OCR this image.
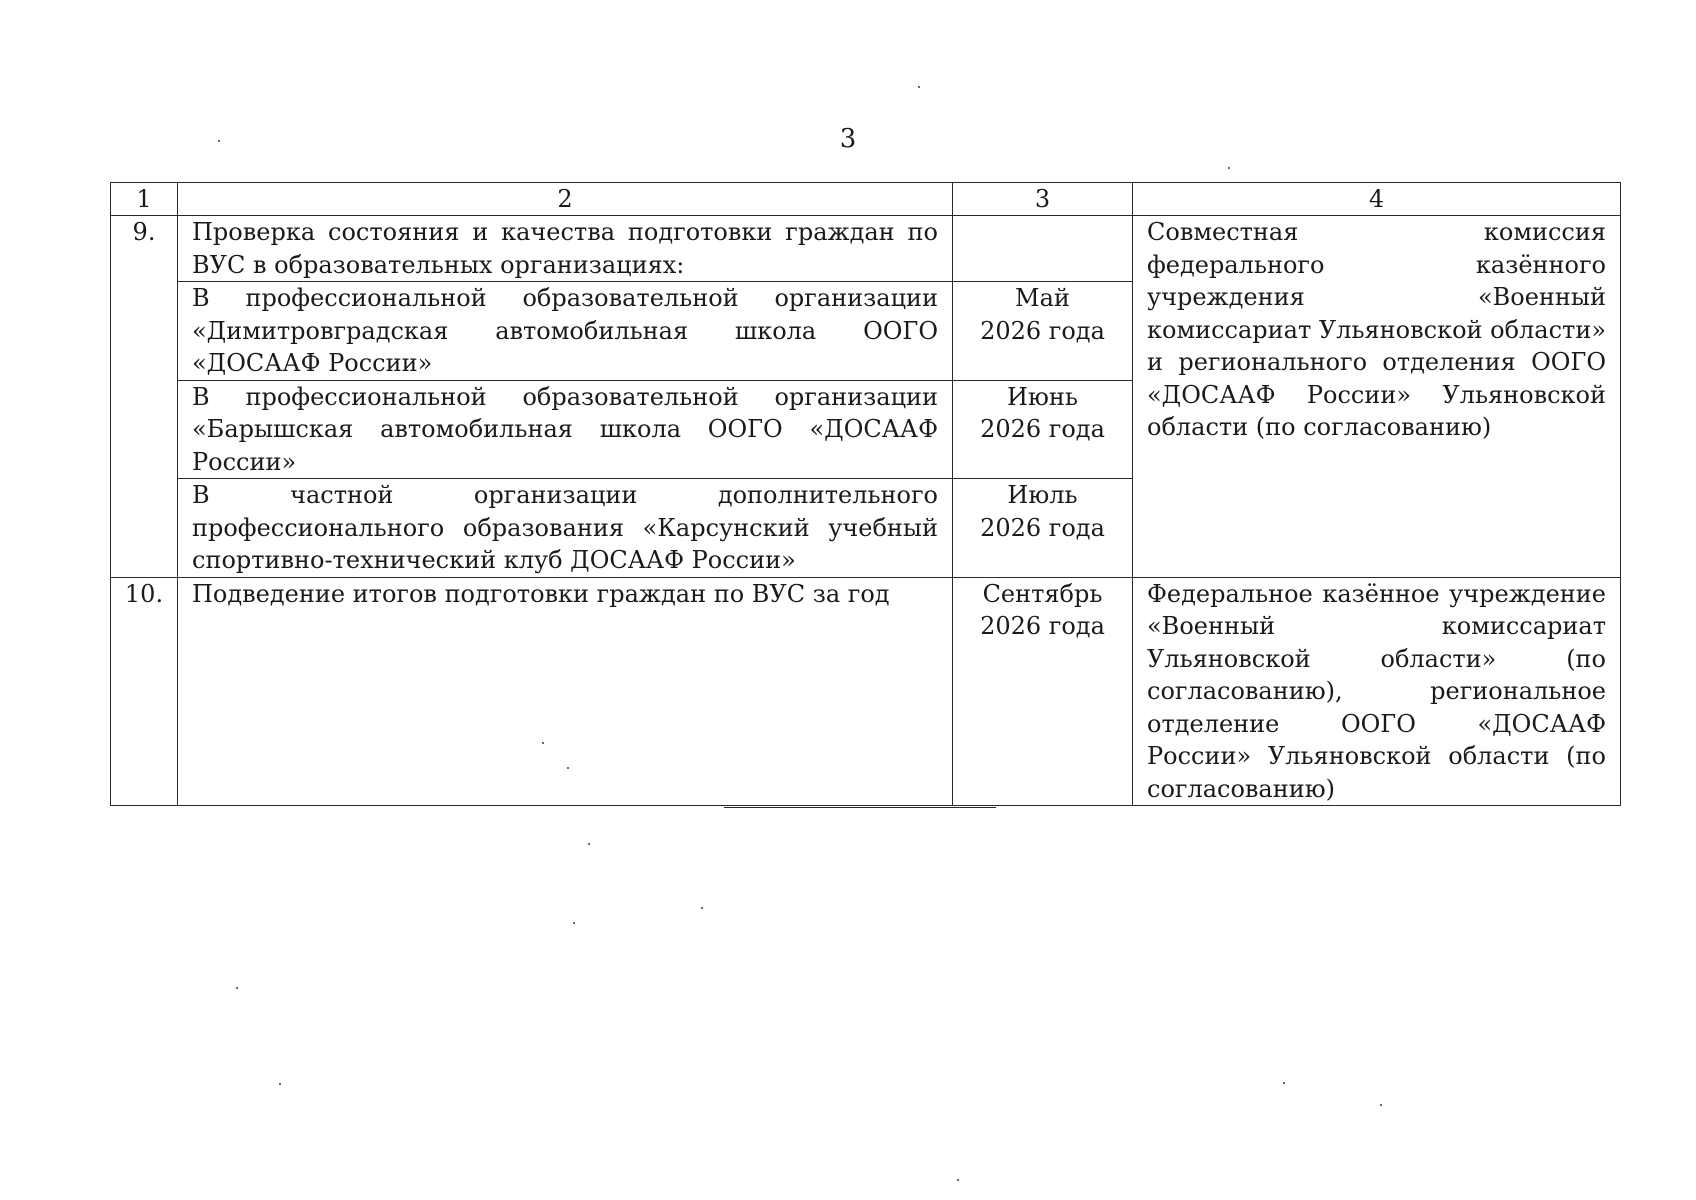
3
1	2	3	4
9.	Проверка состояния и качества подготовки граждан по ВУС в образовательных организациях:		Совместная комиссия федерального казённого учреждения «Военный комиссариат Ульяновской области» и регионального отделения ООГО «ДОСААФ России» Ульяновской области (по согласованию)
	В профессиональной образовательной организации «Димитровградская автомобильная школа ООГО «ДОСААФ России»	Май
2026 года	

	В профессиональной образовательной организации «Барышская автомобильная школа ООГО «ДОСААФ России»	Июнь
2026 года	

	В частной организации дополнительного профессионального образования «Карсунский учебный спортивно-технический клуб ДОСААФ России»	Июль
2026 года	

10.	Подведение итогов подготовки граждан по ВУС за год	Сентябрь
2026 года	Федеральное казённое учреждение «Военный комиссариат Ульяновской области» (по согласованию), региональное отделение ООГО «ДОСААФ России» Ульяновской области (по согласованию)
